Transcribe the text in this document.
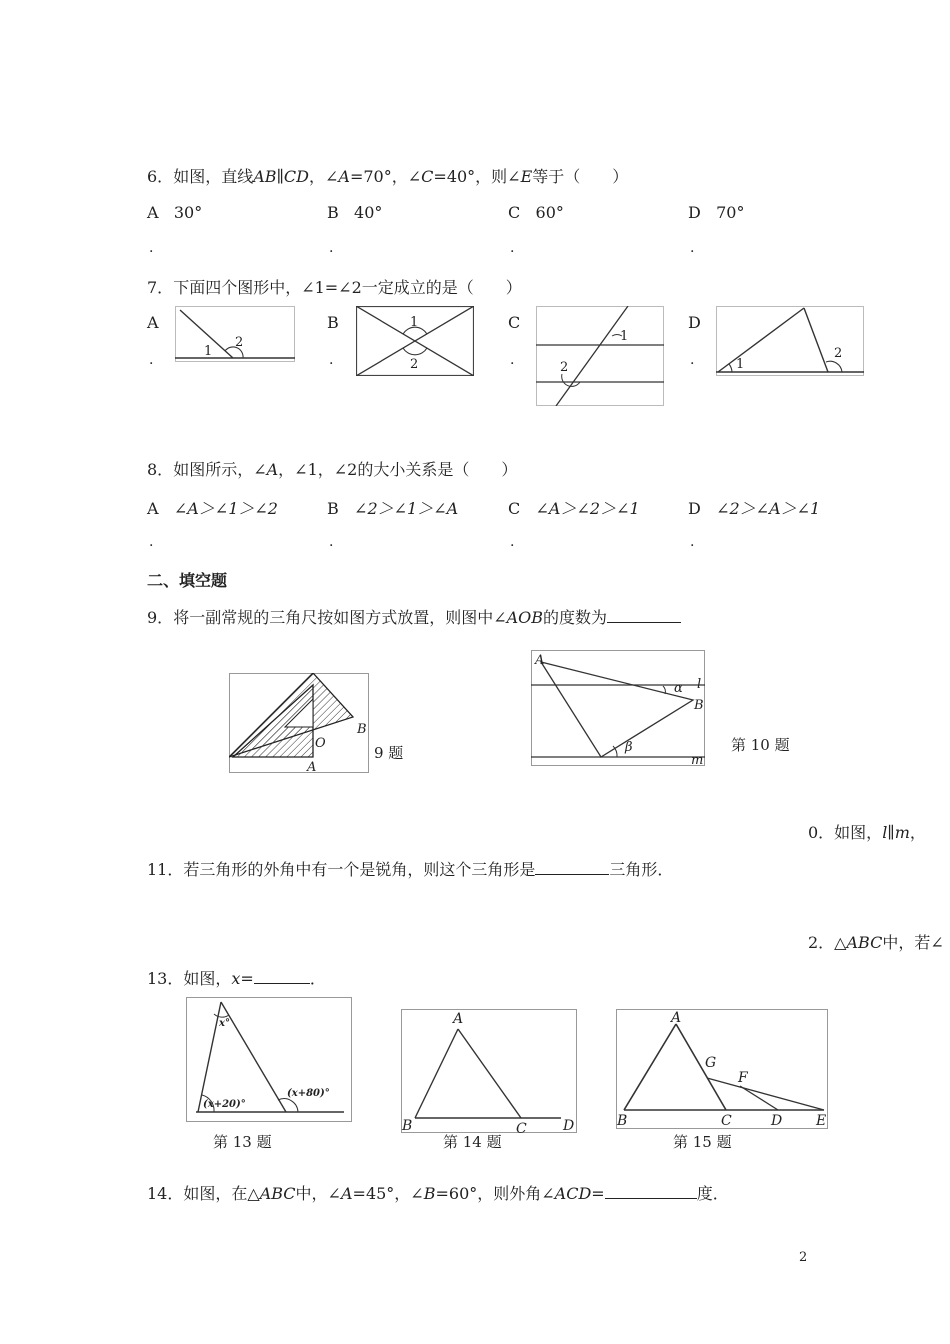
6．如图，直线AB∥CD，∠A=70°，∠C=40°，则∠E等于（　　）
A 30°	B 40°	C 60°	D 70°
.	.	.	.
7．下面四个图形中，∠1=∠2一定成立的是（　　）
A
.
1
2
B
.
1
2
C
.
1
2
D
.	1
2
8．如图所示，∠A，∠1，∠2的大小关系是（　　）
A ∠A＞∠1＞∠2	B ∠2＞∠1＞∠A	C ∠A＞∠2＞∠1	D ∠2＞∠A＞∠1
.	.	.	.
二、填空题
9．将一副常规的三角尺按如图方式放置，则图中∠AOB的度数为
B
O
A
9 题
A
B
l
m
α
β	第 10 题
0．如图，l∥m，
11．若三角形的外角中有一个是锐角，则这个三角形是	三角形．
2．△ABC中，若∠
13．如图，x=	．
x°
(x+20)°
(x+80)°
第 13 题
A
B	C	D
第 14 题
A
B	C	D E
F
G
第 15 题
14．如图，在△ABC中，∠A=45°，∠B=60°，则外角∠ACD=	度．
2
